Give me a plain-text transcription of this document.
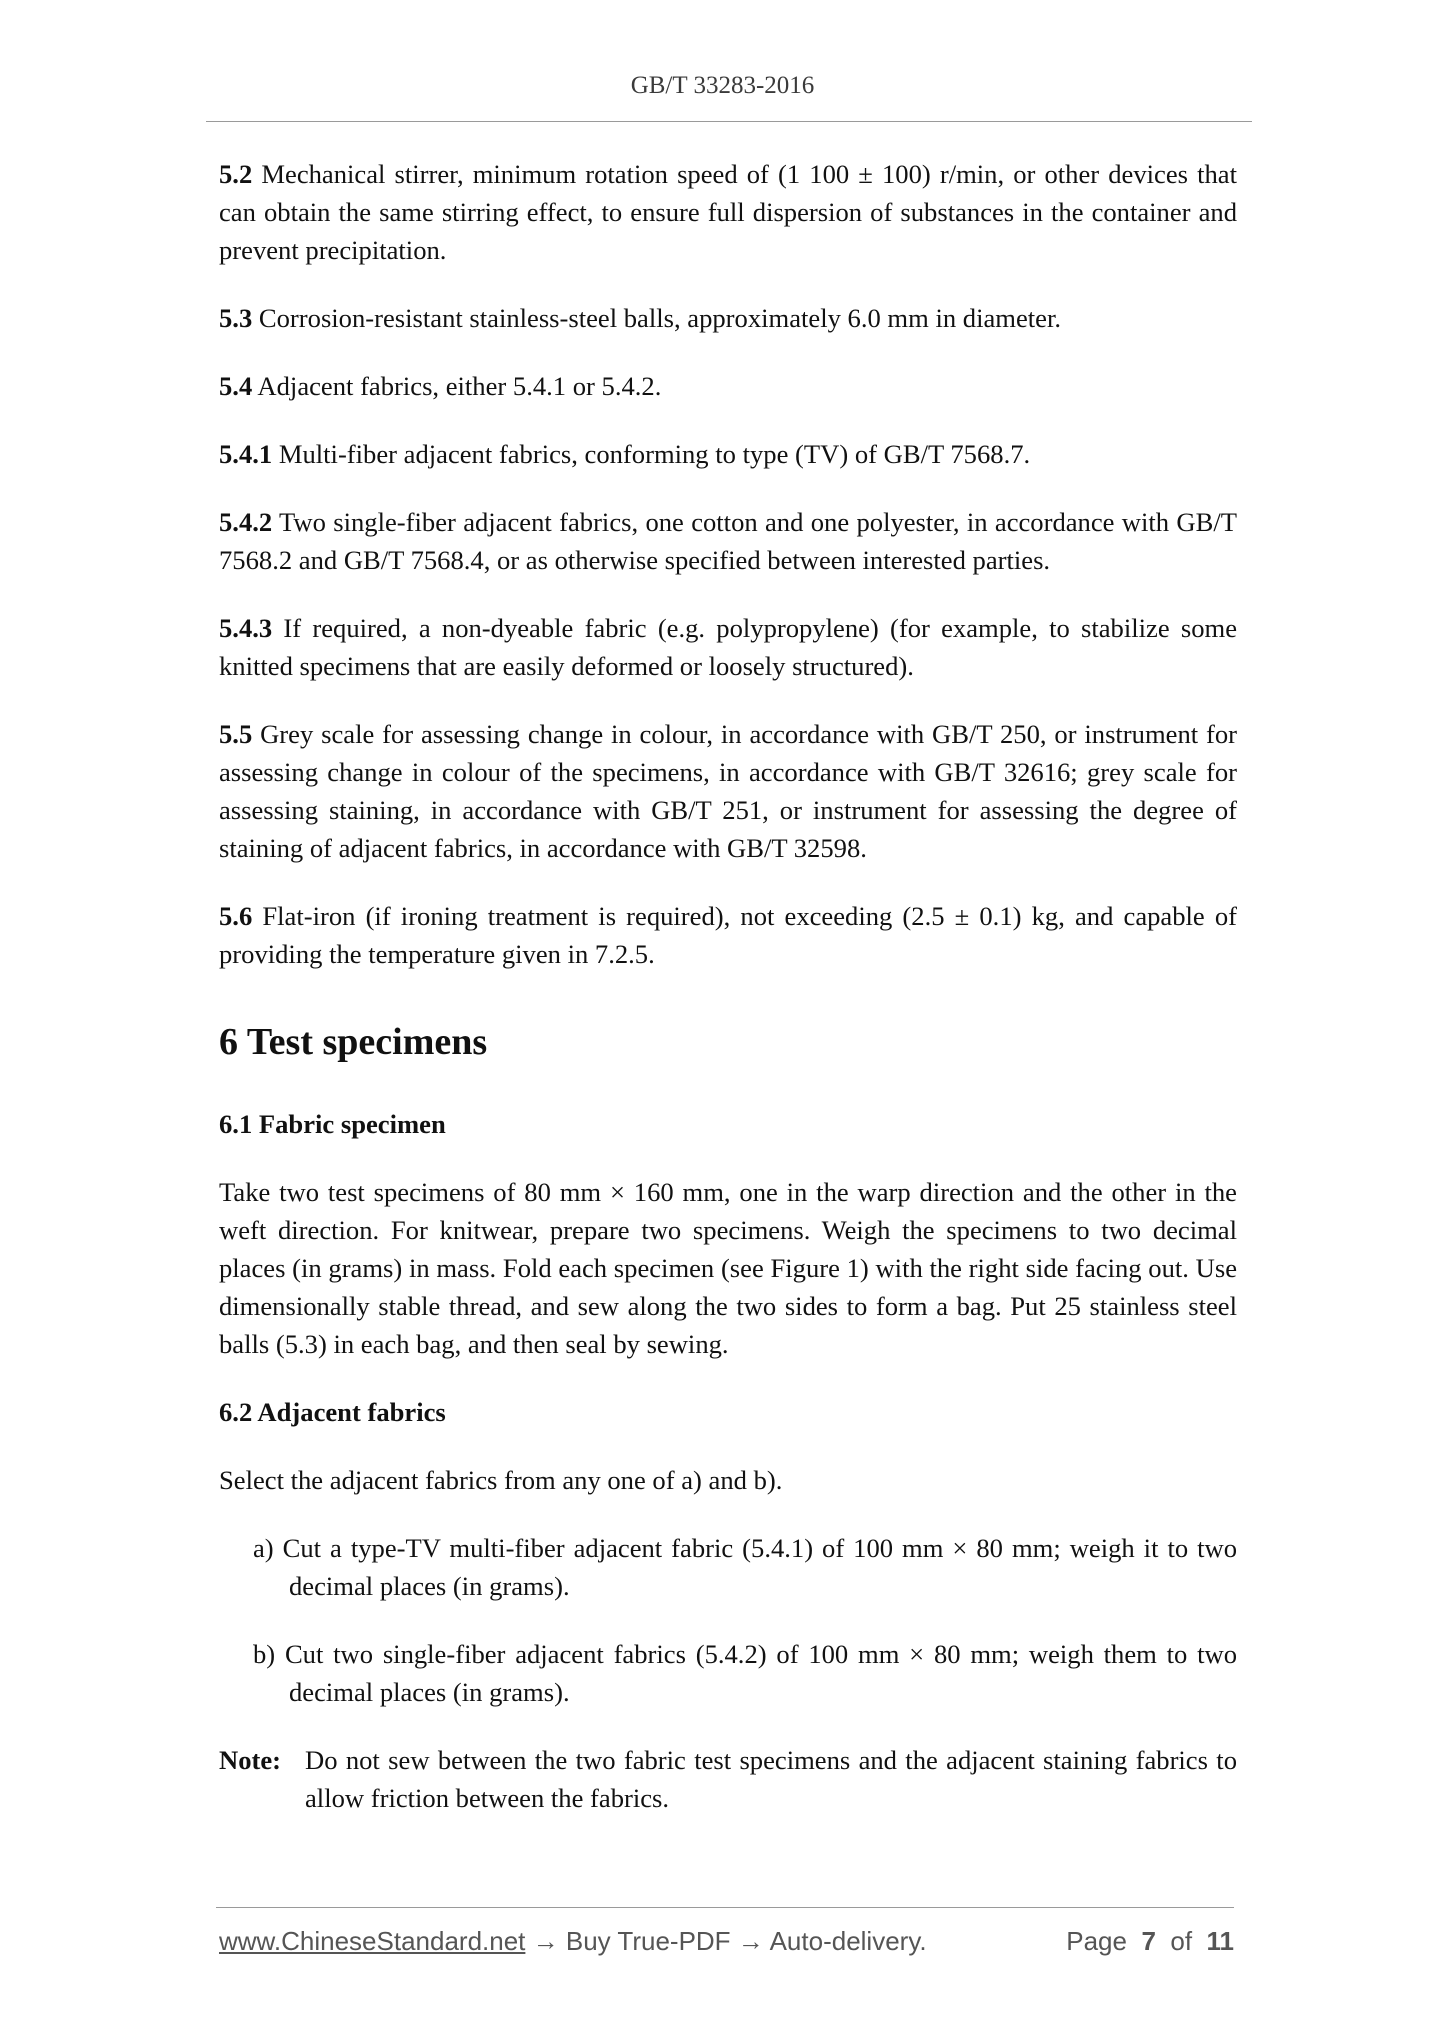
GB/T 33283-2016

5.2 Mechanical stirrer, minimum rotation speed of (1 100 ± 100) r/min, or other devices that can obtain the same stirring effect, to ensure full dispersion of substances in the container and prevent precipitation.

5.3 Corrosion-resistant stainless-steel balls, approximately 6.0 mm in diameter.

5.4 Adjacent fabrics, either 5.4.1 or 5.4.2.

5.4.1 Multi-fiber adjacent fabrics, conforming to type (TV) of GB/T 7568.7.

5.4.2 Two single-fiber adjacent fabrics, one cotton and one polyester, in accordance with GB/T 7568.2 and GB/T 7568.4, or as otherwise specified between interested parties.

5.4.3 If required, a non-dyeable fabric (e.g. polypropylene) (for example, to stabilize some knitted specimens that are easily deformed or loosely structured).

5.5 Grey scale for assessing change in colour, in accordance with GB/T 250, or instrument for assessing change in colour of the specimens, in accordance with GB/T 32616; grey scale for assessing staining, in accordance with GB/T 251, or instrument for assessing the degree of staining of adjacent fabrics, in accordance with GB/T 32598.

5.6 Flat-iron (if ironing treatment is required), not exceeding (2.5 ± 0.1) kg, and capable of providing the temperature given in 7.2.5.

6 Test specimens
6.1 Fabric specimen

Take two test specimens of 80 mm × 160 mm, one in the warp direction and the other in the weft direction. For knitwear, prepare two specimens. Weigh the specimens to two decimal places (in grams) in mass. Fold each specimen (see Figure 1) with the right side facing out. Use dimensionally stable thread, and sew along the two sides to form a bag. Put 25 stainless steel balls (5.3) in each bag, and then seal by sewing.

6.2 Adjacent fabrics

Select the adjacent fabrics from any one of a) and b).

a) Cut a type-TV multi-fiber adjacent fabric (5.4.1) of 100 mm × 80 mm; weigh it to two decimal places (in grams).

b) Cut two single-fiber adjacent fabrics (5.4.2) of 100 mm × 80 mm; weigh them to two decimal places (in grams).

Note: Do not sew between the two fabric test specimens and the adjacent staining fabrics to allow friction between the fabrics.
www.ChineseStandard.net → Buy True-PDF → Auto-delivery.	Page 7 of 11
